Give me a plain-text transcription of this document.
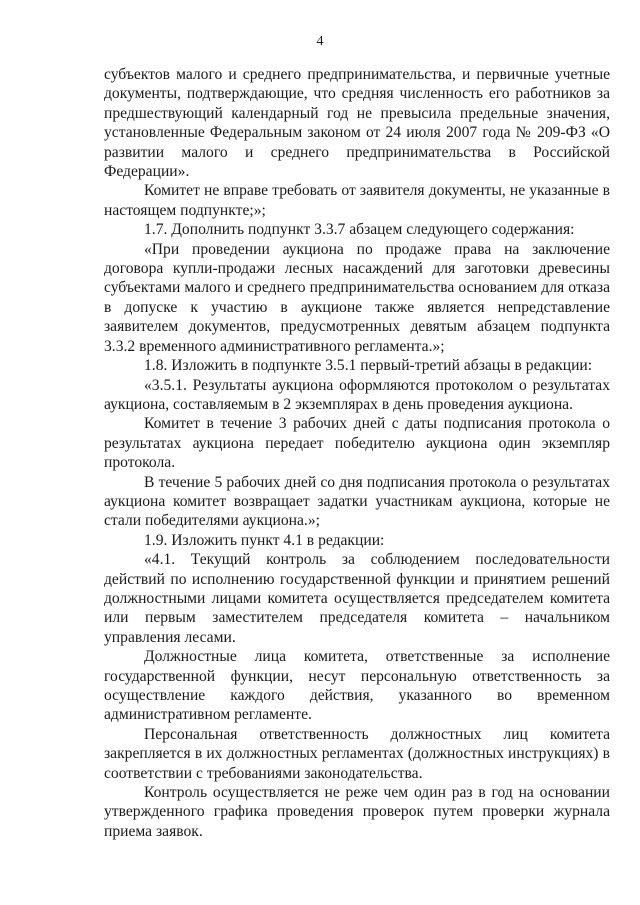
4

субъектов малого и среднего предпринимательства, и первичные учетные документы, подтверждающие, что средняя численность его работников за предшествующий календарный год не превысила предельные значения, установленные Федеральным законом от 24 июля 2007 года № 209-ФЗ «О развитии малого и среднего предпринимательства в Российской Федерации».

Комитет не вправе требовать от заявителя документы, не указанные в настоящем подпункте;»;

1.7. Дополнить подпункт 3.3.7 абзацем следующего содержания:

«При проведении аукциона по продаже права на заключение договора купли-продажи лесных насаждений для заготовки древесины субъектами малого и среднего предпринимательства основанием для отказа в допуске к участию в аукционе также является непредставление заявителем документов, предусмотренных девятым абзацем подпункта 3.3.2 временного административного регламента.»;

1.8. Изложить в подпункте 3.5.1 первый-третий абзацы в редакции:

«3.5.1. Результаты аукциона оформляются протоколом о результатах аукциона, составляемым в 2 экземплярах в день проведения аукциона.

Комитет в течение 3 рабочих дней с даты подписания протокола о результатах аукциона передает победителю аукциона один экземпляр протокола.

В течение 5 рабочих дней со дня подписания протокола о результатах аукциона комитет возвращает задатки участникам аукциона, которые не стали победителями аукциона.»;

1.9. Изложить пункт 4.1 в редакции:

«4.1. Текущий контроль за соблюдением последовательности действий по исполнению государственной функции и принятием решений должностными лицами комитета осуществляется председателем комитета или первым заместителем председателя комитета – начальником управления лесами.

Должностные лица комитета, ответственные за исполнение государственной функции, несут персональную ответственность за осуществление каждого действия, указанного во временном административном регламенте.

Персональная ответственность должностных лиц комитета закрепляется в их должностных регламентах (должностных инструкциях) в соответствии с требованиями законодательства.

Контроль осуществляется не реже чем один раз в год на основании утвержденного графика проведения проверок путем проверки журнала приема заявок.
